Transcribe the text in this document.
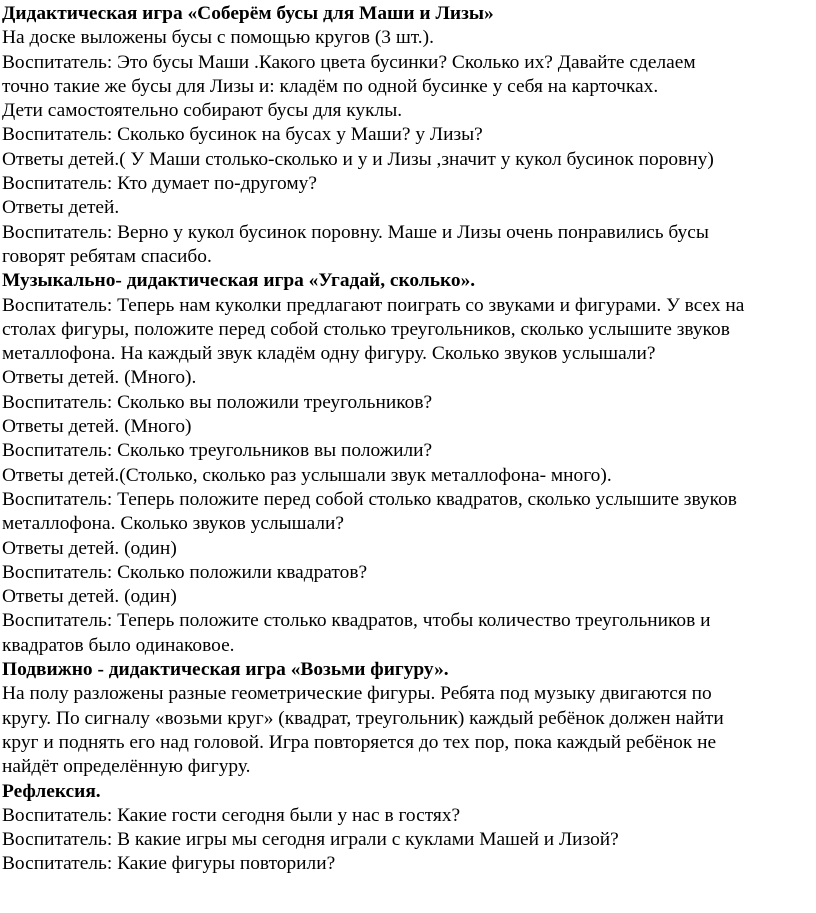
Дидактическая игра «Соберём бусы для Маши и Лизы»
На доске выложены бусы с помощью кругов (3 шт.).
Воспитатель: Это бусы Маши .Какого цвета бусинки? Сколько их? Давайте сделаем
точно такие же бусы для Лизы и: кладём по одной бусинке у себя на карточках.
Дети самостоятельно собирают бусы для куклы.
Воспитатель: Сколько бусинок на бусах у Маши? у Лизы?
Ответы детей.( У Маши столько-сколько и у и Лизы ,значит у кукол бусинок поровну)
Воспитатель: Кто думает по-другому?
Ответы детей.
Воспитатель: Верно у кукол бусинок поровну. Маше и Лизы очень понравились бусы
говорят ребятам спасибо.
Музыкально- дидактическая игра «Угадай, сколько».
Воспитатель: Теперь нам куколки предлагают поиграть со звуками и фигурами. У всех на
столах фигуры, положите перед собой столько треугольников, сколько услышите звуков
металлофона. На каждый звук кладём одну фигуру. Сколько звуков услышали?
Ответы детей. (Много).
Воспитатель: Сколько вы положили треугольников?
Ответы детей. (Много)
Воспитатель: Сколько треугольников вы положили?
Ответы детей.(Столько, сколько раз услышали звук металлофона- много).
Воспитатель: Теперь положите перед собой столько квадратов, сколько услышите звуков
металлофона. Сколько звуков услышали?
Ответы детей. (один)
Воспитатель: Сколько положили квадратов?
Ответы детей. (один)
Воспитатель: Теперь положите столько квадратов, чтобы количество треугольников и
квадратов было одинаковое.
Подвижно - дидактическая игра «Возьми фигуру».
На полу разложены разные геометрические фигуры. Ребята под музыку двигаются по
кругу. По сигналу «возьми круг» (квадрат, треугольник) каждый ребёнок должен найти
круг и поднять его над головой. Игра повторяется до тех пор, пока каждый ребёнок не
найдёт определённую фигуру.
Рефлексия.
Воспитатель: Какие гости сегодня были у нас в гостях?
Воспитатель: В какие игры мы сегодня играли с куклами Машей и Лизой?
Воспитатель: Какие фигуры повторили?
